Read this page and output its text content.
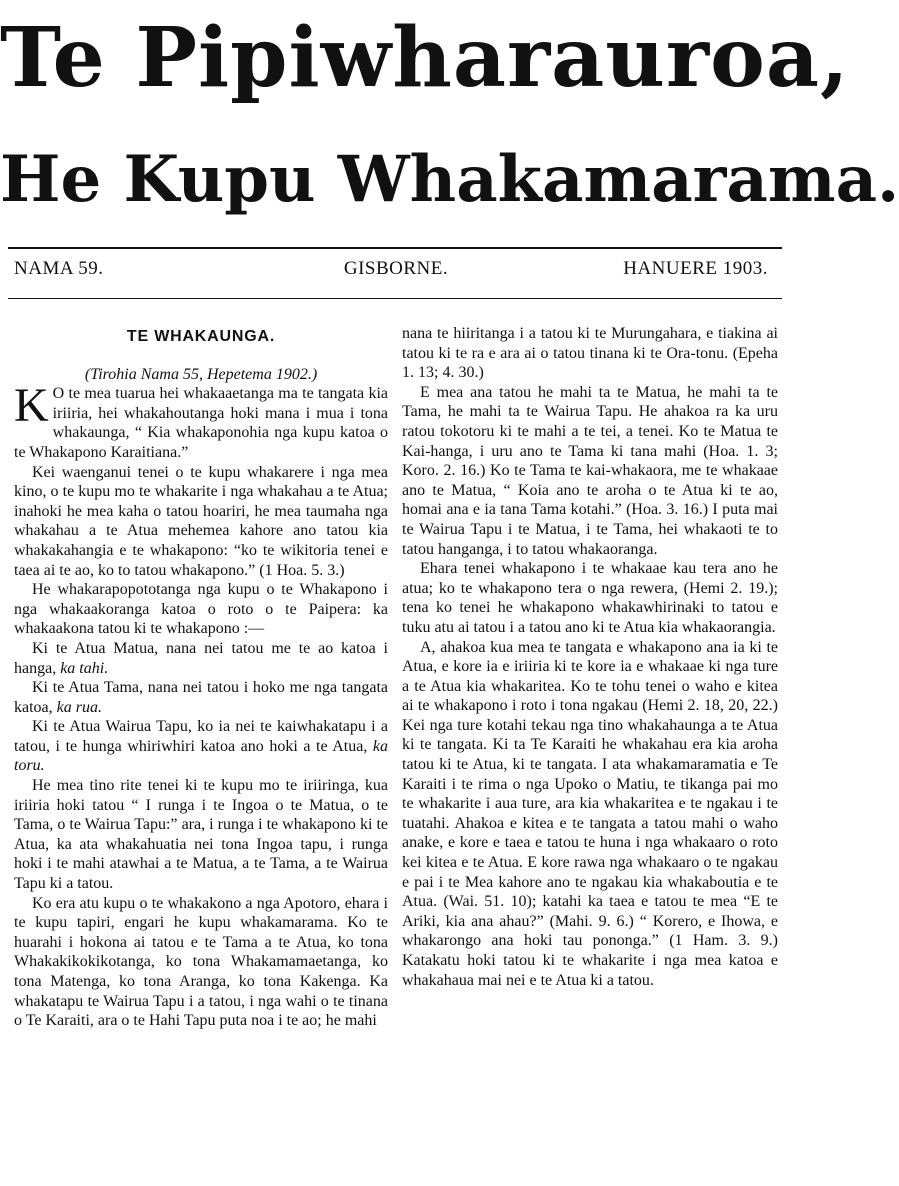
Te Pipiwharauroa,
He Kupu Whakamarama.
NAMA 59.	GISBORNE.	HANUERE 1903.
TE WHAKAUNGA.

(Tirohia Nama 55, Hepetema 1902.)

K O te mea tuarua hei whakaaetanga ma te tangata kia iriiria, hei whakahoutanga hoki mana i mua i tona whakaunga, “ Kia whakaponohia nga kupu katoa o te Whakapono Karaitiana.”

Kei waenganui tenei o te kupu whakarere i nga mea kino, o te kupu mo te whakarite i nga whakahau a te Atua; inahoki he mea kaha o tatou hoariri, he mea taumaha nga whakahau a te Atua mehemea kahore ano tatou kia whakakahangia e te whakapono: “ko te wikitoria tenei e taea ai te ao, ko to tatou whakapono.” (1 Hoa. 5. 3.)

He whakarapopototanga nga kupu o te Whakapono i nga whakaakoranga katoa o roto o te Paipera: ka whakaakona tatou ki te whakapono :—

Ki te Atua Matua, nana nei tatou me te ao katoa i hanga, ka tahi.

Ki te Atua Tama, nana nei tatou i hoko me nga tangata katoa, ka rua.

Ki te Atua Wairua Tapu, ko ia nei te kaiwhakatapu i a tatou, i te hunga whiriwhiri katoa ano hoki a te Atua, ka toru.

He mea tino rite tenei ki te kupu mo te iriiringa, kua iriiria hoki tatou “ I runga i te Ingoa o te Matua, o te Tama, o te Wairua Tapu:” ara, i runga i te whakapono ki te Atua, ka ata whakahuatia nei tona Ingoa tapu, i runga hoki i te mahi atawhai a te Matua, a te Tama, a te Wairua Tapu ki a tatou.

Ko era atu kupu o te whakakono a nga Apotoro, ehara i te kupu tapiri, engari he kupu whakamarama. Ko te huarahi i hokona ai tatou e te Tama a te Atua, ko tona Whakakikokikotanga, ko tona Whakamamaetanga, ko tona Matenga, ko tona Aranga, ko tona Kakenga. Ka whakatapu te Wairua Tapu i a tatou, i nga wahi o te tinana o Te Karaiti, ara o te Hahi Tapu puta noa i te ao; he mahi

nana te hiiritanga i a tatou ki te Murungahara, e tiakina ai tatou ki te ra e ara ai o tatou tinana ki te Ora-tonu. (Epeha 1. 13; 4. 30.)

E mea ana tatou he mahi ta te Matua, he mahi ta te Tama, he mahi ta te Wairua Tapu. He ahakoa ra ka uru ratou tokotoru ki te mahi a te tei, a tenei. Ko te Matua te Kai-hanga, i uru ano te Tama ki tana mahi (Hoa. 1. 3; Koro. 2. 16.) Ko te Tama te kai-whakaora, me te whakaae ano te Matua, “ Koia ano te aroha o te Atua ki te ao, homai ana e ia tana Tama kotahi.” (Hoa. 3. 16.) I puta mai te Wairua Tapu i te Matua, i te Tama, hei whakaoti te to tatou hanganga, i to tatou whakaoranga.

Ehara tenei whakapono i te whakaae kau tera ano he atua; ko te whakapono tera o nga rewera, (Hemi 2. 19.); tena ko tenei he whakapono whakawhirinaki to tatou e tuku atu ai tatou i a tatou ano ki te Atua kia whakaorangia.

A, ahakoa kua mea te tangata e whakapono ana ia ki te Atua, e kore ia e iriiria ki te kore ia e whakaae ki nga ture a te Atua kia whakaritea. Ko te tohu tenei o waho e kitea ai te whakapono i roto i tona ngakau (Hemi 2. 18, 20, 22.) Kei nga ture kotahi tekau nga tino whakahaunga a te Atua ki te tangata. Ki ta Te Karaiti he whakahau era kia aroha tatou ki te Atua, ki te tangata. I ata whakamaramatia e Te Karaiti i te rima o nga Upoko o Matiu, te tikanga pai mo te whakarite i aua ture, ara kia whakaritea e te ngakau i te tuatahi. Ahakoa e kitea e te tangata a tatou mahi o waho anake, e kore e taea e tatou te huna i nga whakaaro o roto kei kitea e te Atua. E kore rawa nga whakaaro o te ngakau e pai i te Mea kahore ano te ngakau kia whakaboutia e te Atua. (Wai. 51. 10); katahi ka taea e tatou te mea “E te Ariki, kia ana ahau?” (Mahi. 9. 6.) “ Korero, e Ihowa, e whakarongo ana hoki tau pononga.” (1 Ham. 3. 9.) Katakatu hoki tatou ki te whakarite i nga mea katoa e whakahaua mai nei e te Atua ki a tatou.
